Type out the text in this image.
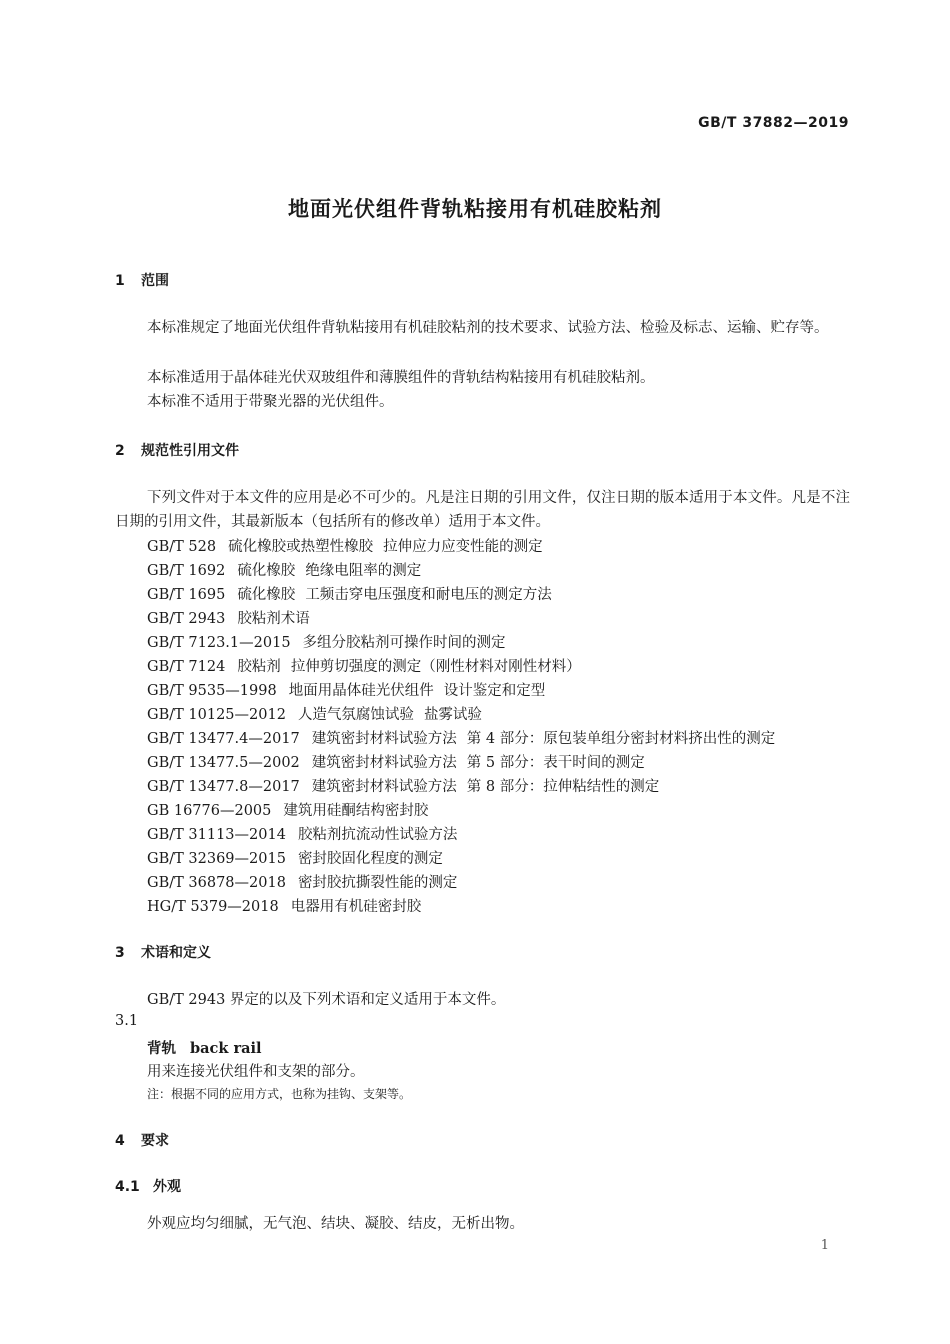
GB/T 37882—2019
地面光伏组件背轨粘接用有机硅胶粘剂
1 范围
本标准规定了地面光伏组件背轨粘接用有机硅胶粘剂的技术要求、试验方法、检验及标志、运输、贮存等。
本标准适用于晶体硅光伏双玻组件和薄膜组件的背轨结构粘接用有机硅胶粘剂。
本标准不适用于带聚光器的光伏组件。
2 规范性引用文件
下列文件对于本文件的应用是必不可少的。凡是注日期的引用文件，仅注日期的版本适用于本文件。凡是不注日期的引用文件，其最新版本（包括所有的修改单）适用于本文件。
GB/T 528 硫化橡胶或热塑性橡胶 拉伸应力应变性能的测定
GB/T 1692 硫化橡胶 绝缘电阻率的测定
GB/T 1695 硫化橡胶 工频击穿电压强度和耐电压的测定方法
GB/T 2943 胶粘剂术语
GB/T 7123.1—2015 多组分胶粘剂可操作时间的测定
GB/T 7124 胶粘剂 拉伸剪切强度的测定（刚性材料对刚性材料）
GB/T 9535—1998 地面用晶体硅光伏组件 设计鉴定和定型
GB/T 10125—2012 人造气氛腐蚀试验 盐雾试验
GB/T 13477.4—2017 建筑密封材料试验方法 第 4 部分：原包装单组分密封材料挤出性的测定
GB/T 13477.5—2002 建筑密封材料试验方法 第 5 部分：表干时间的测定
GB/T 13477.8—2017 建筑密封材料试验方法 第 8 部分：拉伸粘结性的测定
GB 16776—2005 建筑用硅酮结构密封胶
GB/T 31113—2014 胶粘剂抗流动性试验方法
GB/T 32369—2015 密封胶固化程度的测定
GB/T 36878—2018 密封胶抗撕裂性能的测定
HG/T 5379—2018 电器用有机硅密封胶
3 术语和定义
GB/T 2943 界定的以及下列术语和定义适用于本文件。
3.1
背轨 back rail
用来连接光伏组件和支架的部分。
注：根据不同的应用方式，也称为挂钩、支架等。
4 要求
4.1 外观
外观应均匀细腻，无气泡、结块、凝胶、结皮，无析出物。
1
